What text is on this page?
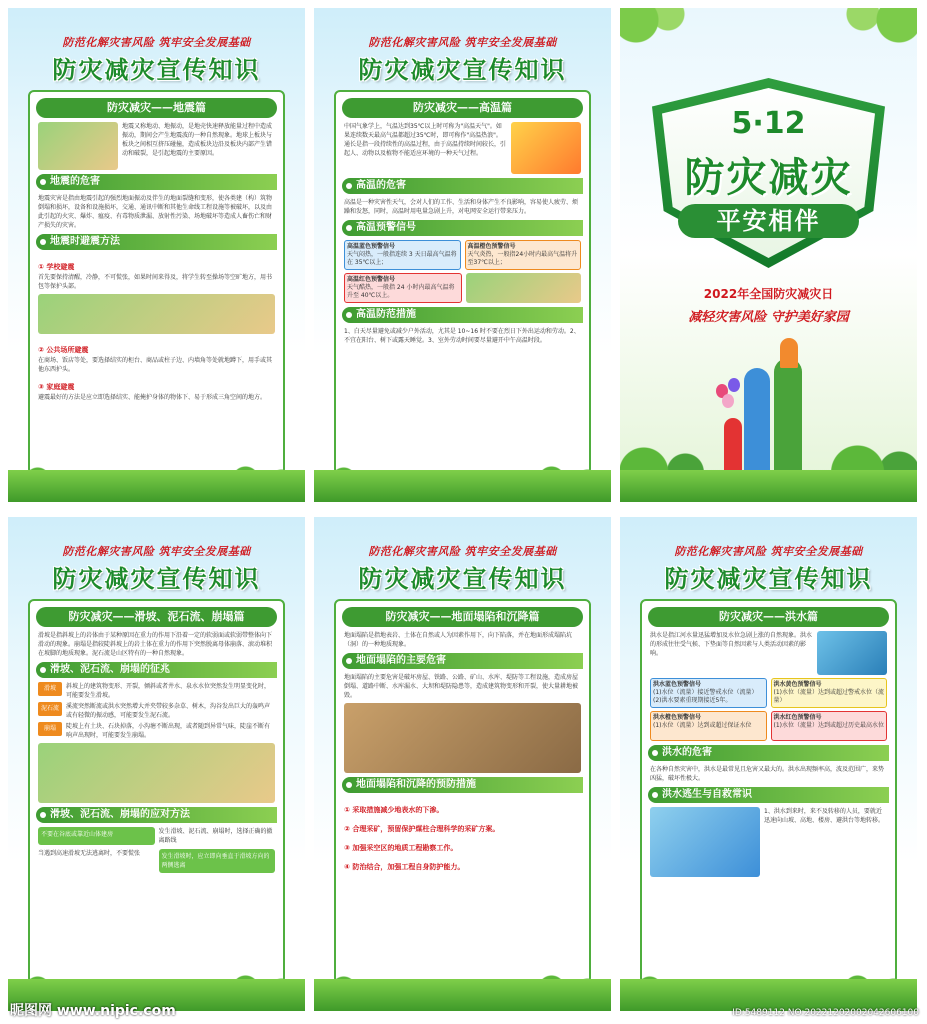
防范化解灾害风险 筑牢安全发展基础
防灾减灾宣传知识
防灾减灾——地震篇
地震又称地动、地振动，是地壳快速释放能量过程中造成振动，期间会产生地震波的一种自然现象。地球上板块与板块之间相互挤压碰撞，造成板块边沿及板块内部产生错动和破裂，是引起地震的主要原因。
地震的危害
地震灾害是指由地震引起的强烈地面振动及伴生的地面裂缝和变形，使各类建（构）筑物倒塌和损坏，设备和设施损坏，交通、通讯中断和其他生命线工程设施等被破坏，以及由此引起的火灾、爆炸、瘟疫、有毒物质泄漏、放射性污染、场地破坏等造成人畜伤亡和财产损失的灾害。
地震时避震方法
① 学校避震
首先要保持清醒，冷静，不可慌张，如果时间来得及，将学生转至操场等空旷地方，用书包等保护头部。
② 公共场所避震
在商场、饭店等处，要选择结实的柜台、商品或柱子边、内墙角等处就地蹲下，用手或其他东西护头。
③ 家庭避震
避震最好的方法是应立即选择结实、能掩护身体的物体下、易于形成三角空间的地方。
防范化解灾害风险 筑牢安全发展基础
防灾减灾宣传知识
防灾减灾——高温篇
中国气象学上，气温达到35℃以上时可称为"高温天气"。如果连续数天最高气温都超过35℃时，即可称作"高温热浪"。通长是指一段持续性的高温过程，由于高温持续时间较长，引起人、动物以及植物不能适应环境的一种天气过程。
高温的危害
高温是一种灾害性天气，会对人们的工作、生活和身体产生不良影响，容易使人疲劳、烦躁和发怒，同时，高温时用电量急剧上升，对电网安全运行带来压力。
高温预警信号
高温蓝色预警信号
天气闷热，一般指连续 3 天日最高气温将在 35℃以上；
高温橙色预警信号
天气炎热，一般指24小时内最高气温将升至37℃以上；
高温红色预警信号
天气酷热，一般指 24 小时内最高气温将升至 40℃以上。
高温防范措施
1、白天尽量避免或减少户外活动，尤其是 10~16 时不要在烈日下外出运动和劳动。2、不宜在阳台、树下或露天睡觉。3、室外劳动时间要尽量避开中午高温时段。
5·12
防灾减灾
平安相伴
2022年全国防灾减灾日
减轻灾害风险 守护美好家园
防范化解灾害风险 筑牢安全发展基础
防灾减灾宣传知识
防灾减灾——滑坡、泥石流、崩塌篇
滑坡是指斜坡上的岩体由于某种原因在重力的作用下沿着一定的软弱面或软弱带整体向下滑动的现象。崩塌是指较陡斜坡上的岩土体在重力的作用下突然脱离母体崩落、滚动堆积在坡脚的地质现象。泥石流是山区特有的一种自然现象。
滑坡、泥石流、崩塌的征兆
滑坡	斜坡上的建筑物变形、开裂，倾斜或者井水、泉水水位突然发生明显变化时，可能要发生滑坡。
泥石流	溪流突然断流或洪水突然增大并夹带较多杂草、树木，沟谷发出巨大的轰鸣声或有轻微的振动感，可能要发生泥石流。
崩塌	陡坡上有土块、石块掉落，小沟塘不断出现，或者随到异常气味，陡崖不断有响声出现时，可能要发生崩塌。
滑坡、泥石流、崩塌的应对方法
不要在谷底或靠近山体建房	发生滑坡、泥石流、崩塌时，选择正确的撤离路线
当遇到高速滑坡无法逃离时，不要慌张	发生滑坡时，应立即向垂直于滑坡方向的两侧逃离
防范化解灾害风险 筑牢安全发展基础
防灾减灾宣传知识
防灾减灾——地面塌陷和沉降篇
地面塌陷是指地表岩、土体在自然或人为因素作用下，向下陷落，并在地面形成塌陷坑（洞）的一种地质现象。
地面塌陷的主要危害
地面塌陷的主要危害是破坏房屋、铁路、公路、矿山、水库、堤防等工程设施，造成房屋倒塌、道路中断、水库漏水、大坝和堤防隐患等，造成建筑物变形和开裂，使大量耕地被毁。
地面塌陷和沉降的预防措施
① 采取措施减少地表水的下渗。 ② 合理采矿，预留保护煤柱合理科学的采矿方案。 ③ 加强采空区的地质工程勘察工作。 ④ 防治结合，加强工程自身防护能力。
防范化解灾害风险 筑牢安全发展基础
防灾减灾宣传知识
防灾减灾——洪水篇
洪水是指江河水量迅猛增加及水位急剧上涨的自然现象。洪水的形成往往受气候、下垫面等自然因素与人类活动因素的影响。
洪水蓝色预警信号
(1)水位（流量）接近警戒水位（流量）(2)洪水要素重现期接近5年。
洪水黄色预警信号
(1)水位（流量）达到或超过警戒水位（流量）
洪水橙色预警信号
(1)水位（流量）达到或超过保证水位
洪水红色预警信号
(1)水位（流量）达到或超过历史最高水位
洪水的危害
在各种自然灾害中，洪水是最常见且危害又最大的。洪水出现频率高，波及范围广，来势凶猛，破坏性极大。
洪水逃生与自救常识
1、洪水到来时，来不及转移的人员，要就近迅速向山坡、高地、楼房、避洪台等地转移。
昵图网 www.nipic.com	ID:5489112 NO:20221202002042606100
